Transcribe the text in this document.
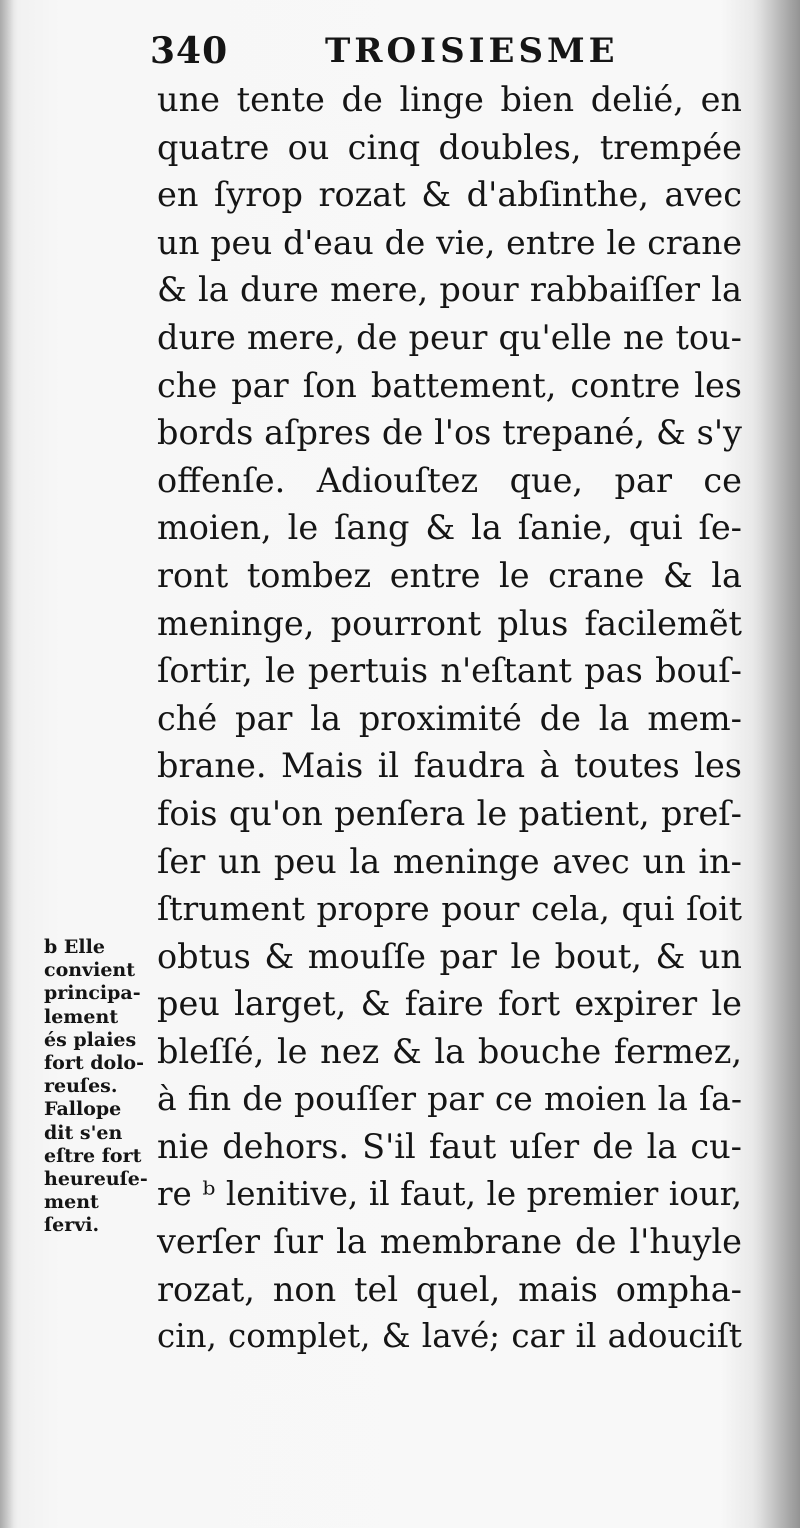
340	TROISIESME
une tente de linge bien delié, en
quatre ou cinq doubles, trempée
en ſyrop rozat & d'abſinthe, avec
un peu d'eau de vie, entre le crane
& la dure mere, pour rabbaiſſer la
dure mere, de peur qu'elle ne tou-
che par ſon battement, contre les
bords aſpres de l'os trepané, & s'y
offenſe. Adiouſtez que, par ce
moien, le ſang & la ſanie, qui ſe-
ront tombez entre le crane & la
meninge, pourront plus facilemẽt
ſortir, le pertuis n'eſtant pas bouſ-
ché par la proximité de la mem-
brane. Mais il faudra à toutes les
fois qu'on penſera le patient, preſ-
ſer un peu la meninge avec un in-
ſtrument propre pour cela, qui ſoit
obtus & mouſſe par le bout, & un
peu larget, & faire fort expirer le
bleſſé, le nez & la bouche fermez,
à fin de pouſſer par ce moien la ſa-
nie dehors. S'il faut uſer de la cu-
re ᵇ lenitive, il faut, le premier iour,
verſer ſur la membrane de l'huyle
rozat, non tel quel, mais ompha-
cin, complet, & lavé; car il adouciſt
b Elle
convient
principa-
lement
és plaies
fort dolo-
reuſes.
Fallope
dit s'en
eſtre fort
heureuſe-
ment
ſervi.
